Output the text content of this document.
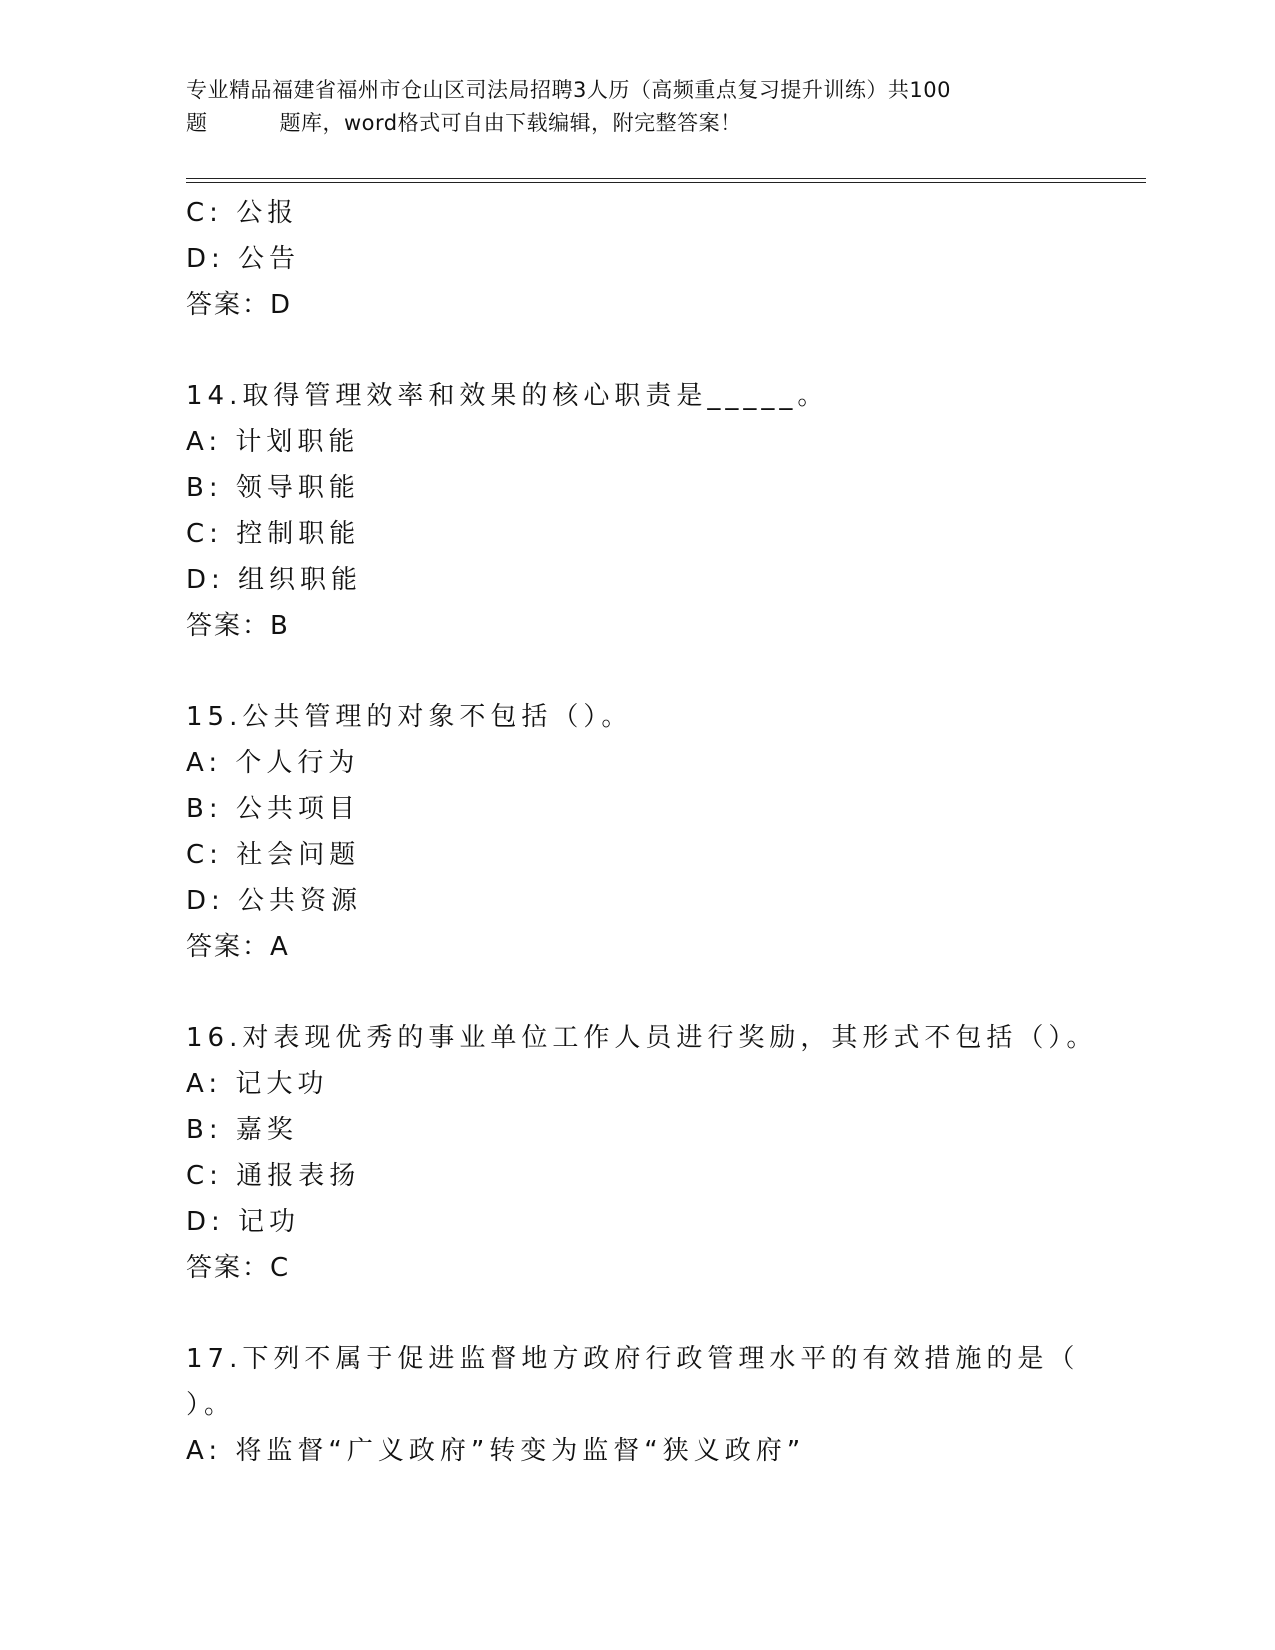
专业精品福建省福州市仓山区司法局招聘3人历（高频重点复习提升训练）共100
题	题库，word格式可自由下载编辑，附完整答案！
C: 公报
D: 公告
答案：D
14.取得管理效率和效果的核心职责是_____。
A: 计划职能
B: 领导职能
C: 控制职能
D: 组织职能
答案：B
15.公共管理的对象不包括（）。
A: 个人行为
B: 公共项目
C: 社会问题
D: 公共资源
答案：A
16.对表现优秀的事业单位工作人员进行奖励，其形式不包括（）。
A: 记大功
B: 嘉奖
C: 通报表扬
D: 记功
答案：C
17.下列不属于促进监督地方政府行政管理水平的有效措施的是（
）。
A: 将监督“广义政府”转变为监督“狭义政府”
